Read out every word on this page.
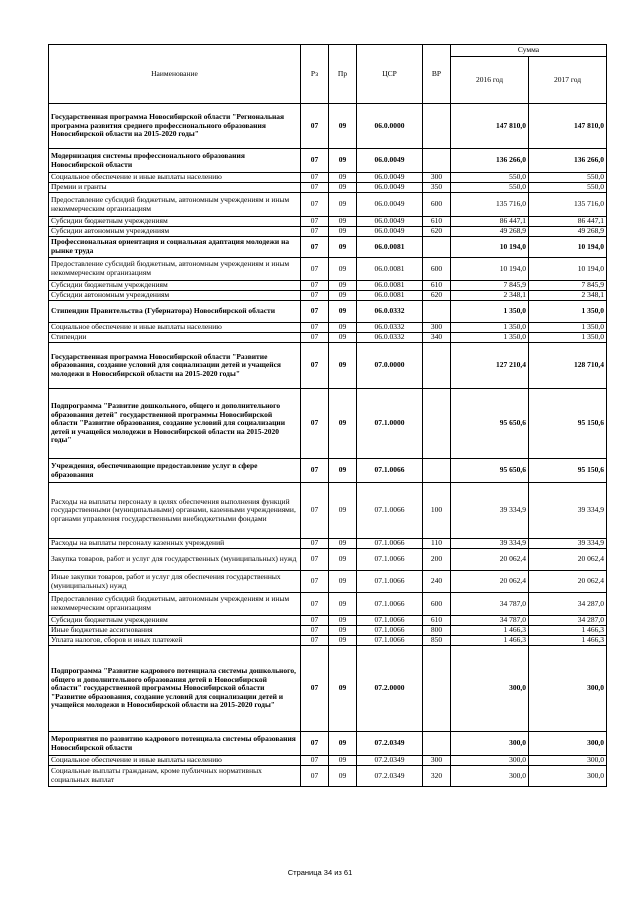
Наименование	Рз	Пр	ЦСР	ВР	Сумма	
					2016 год	2017 год
Государственная программа Новосибирской области "Региональная программа развития среднего профессионального образования Новосибирской области на 2015-2020 годы"	07	09	06.0.0000		147 810,0	147 810,0
Модернизация системы профессионального образования Новосибирской области	07	09	06.0.0049		136 266,0	136 266,0
Социальное обеспечение и иные выплаты населению	07	09	06.0.0049	300	550,0	550,0
Премии и гранты	07	09	06.0.0049	350	550,0	550,0
Предоставление субсидий бюджетным, автономным учреждениям и иным некоммерческим организациям	07	09	06.0.0049	600	135 716,0	135 716,0
Субсидии бюджетным учреждениям	07	09	06.0.0049	610	86 447,1	86 447,1
Субсидии автономным учреждениям	07	09	06.0.0049	620	49 268,9	49 268,9
Профессиональная ориентация и социальная адаптация молодежи на рынке труда	07	09	06.0.0081		10 194,0	10 194,0
Предоставление субсидий бюджетным, автономным учреждениям и иным некоммерческим организациям	07	09	06.0.0081	600	10 194,0	10 194,0
Субсидии бюджетным учреждениям	07	09	06.0.0081	610	7 845,9	7 845,9
Субсидии автономным учреждениям	07	09	06.0.0081	620	2 348,1	2 348,1
Стипендии Правительства (Губернатора) Новосибирской области	07	09	06.0.0332		1 350,0	1 350,0
Социальное обеспечение и иные выплаты населению	07	09	06.0.0332	300	1 350,0	1 350,0
Стипендии	07	09	06.0.0332	340	1 350,0	1 350,0
Государственная программа Новосибирской области "Развитие образования, создание условий для социализации детей и учащейся молодежи в Новосибирской области на 2015-2020 годы"	07	09	07.0.0000		127 210,4	128 710,4
Подпрограмма "Развитие дошкольного, общего и дополнительного образования детей" государственной программы Новосибирской области "Развитие образования, создание условий для социализации детей и учащейся молодежи в Новосибирской области на 2015-2020 годы"	07	09	07.1.0000		95 650,6	95 150,6
Учреждения, обеспечивающие предоставление услуг в сфере образования	07	09	07.1.0066		95 650,6	95 150,6
Расходы на выплаты персоналу в целях обеспечения выполнения функций государственными (муниципальными) органами, казенными учреждениями, органами управления государственными внебюджетными фондами	07	09	07.1.0066	100	39 334,9	39 334,9
Расходы на выплаты персоналу казенных учреждений	07	09	07.1.0066	110	39 334,9	39 334,9
Закупка товаров, работ и услуг для государственных (муниципальных) нужд	07	09	07.1.0066	200	20 062,4	20 062,4
Иные закупки товаров, работ и услуг для обеспечения государственных (муниципальных) нужд	07	09	07.1.0066	240	20 062,4	20 062,4
Предоставление субсидий бюджетным, автономным учреждениям и иным некоммерческим организациям	07	09	07.1.0066	600	34 787,0	34 287,0
Субсидии бюджетным учреждениям	07	09	07.1.0066	610	34 787,0	34 287,0
Иные бюджетные ассигнования	07	09	07.1.0066	800	1 466,3	1 466,3
Уплата налогов, сборов и иных платежей	07	09	07.1.0066	850	1 466,3	1 466,3
Подпрограмма "Развитие кадрового потенциала системы дошкольного, общего и дополнительного образования детей в Новосибирской области" государственной программы Новосибирской области "Развитие образования, создание условий для социализации детей и учащейся молодежи в Новосибирской области на 2015-2020 годы"	07	09	07.2.0000		300,0	300,0
Мероприятия по развитию кадрового потенциала системы образования Новосибирской области	07	09	07.2.0349		300,0	300,0
Социальное обеспечение и иные выплаты населению	07	09	07.2.0349	300	300,0	300,0
Социальные выплаты гражданам, кроме публичных нормативных социальных выплат	07	09	07.2.0349	320	300,0	300,0
Страница 34 из 61
